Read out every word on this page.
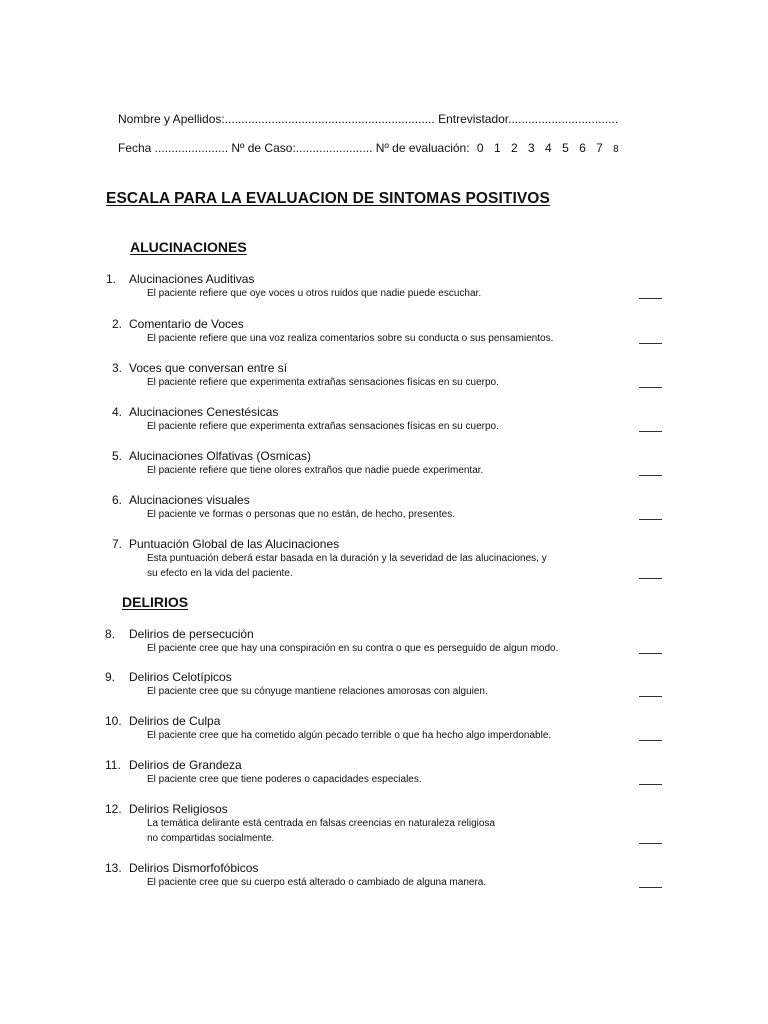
Nombre y Apellidos:............................................................... Entrevistador.................................
Fecha ...................... Nº de Caso:....................... Nº de evaluación: 0 1 2 3 4 5 6 7 8
ESCALA PARA LA EVALUACION DE SINTOMAS POSITIVOS
ALUCINACIONES
1. Alucinaciones Auditivas
El paciente refiere que oye voces u otros ruidos que nadie puede escuchar.
2. Comentario de Voces
El paciente refiere que una voz realiza comentarios sobre su conducta o sus pensamientos.
3. Voces que conversan entre sí
El paciente refiere que experimenta extrañas sensaciones físicas en su cuerpo.
4. Alucinaciones Cenestésicas
El paciente refiere que experimenta extrañas sensaciones físicas en su cuerpo.
5. Alucinaciones Olfativas (Osmicas)
El paciente refiere que tiene olores extraños que nadie puede experimentar.
6. Alucinaciones visuales
El paciente ve formas o personas que no están, de hecho, presentes.
7. Puntuación Global de las Alucinaciones
Esta puntuación deberá estar basada en la duración y la severidad de las alucinaciones, y
su efecto en la vida del paciente.
DELIRIOS
8. Delirios de persecución
El paciente cree que hay una conspiración en su contra o que es perseguido de algun modo.
9. Delirios Celotípicos
El paciente cree que su cónyuge mantiene relaciones amorosas con alguien.
10. Delirios de Culpa
El paciente cree que ha cometido algún pecado terrible o que ha hecho algo imperdonable.
11. Delirios de Grandeza
El paciente cree que tiene poderes o capacidades especiales.
12. Delirios Religiosos
La temática delirante está centrada en falsas creencias en naturaleza religiosa
no compartidas socialmente.
13. Delirios Dismorfofóbicos
El paciente cree que su cuerpo está alterado o cambiado de alguna manera.
